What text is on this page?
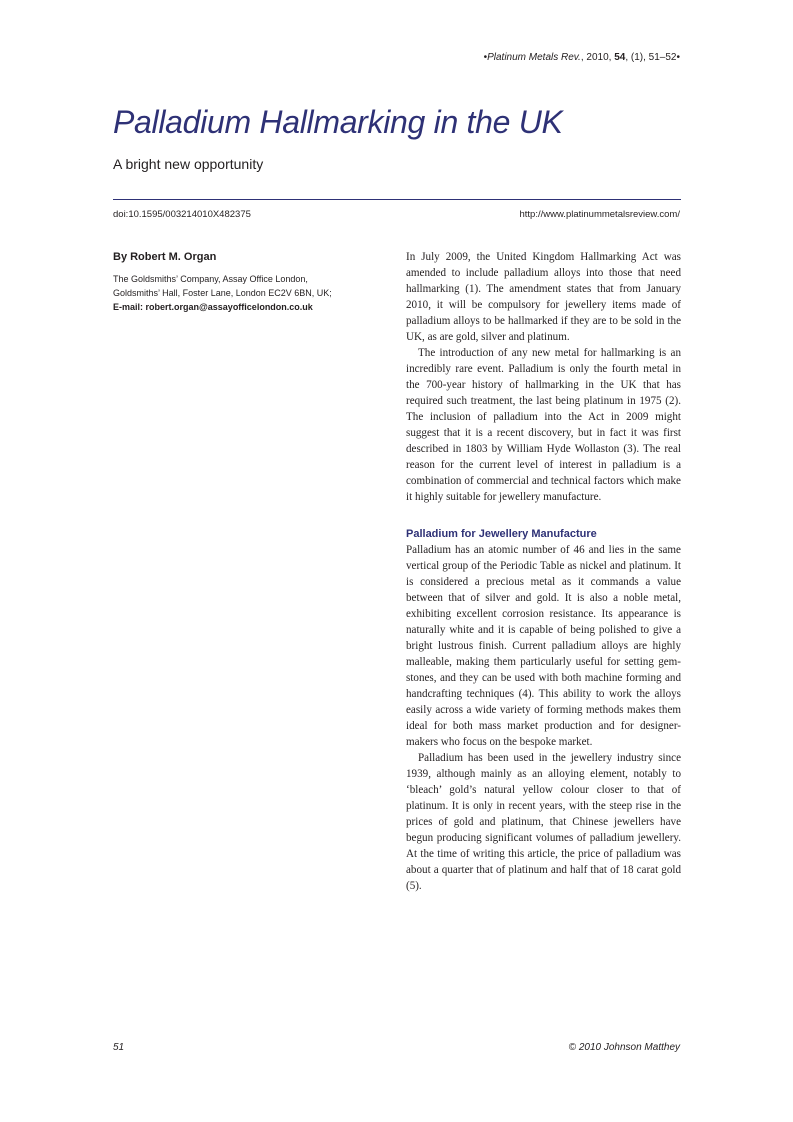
•Platinum Metals Rev., 2010, 54, (1), 51–52•
Palladium Hallmarking in the UK
A bright new opportunity
doi:10.1595/003214010X482375	http://www.platinummetalsreview.com/
By Robert M. Organ
The Goldsmiths’ Company, Assay Office London,
Goldsmiths’ Hall, Foster Lane, London EC2V 6BN, UK;
E-mail: robert.organ@assayofficelondon.co.uk

In July 2009, the United Kingdom Hallmarking Act was amended to include palladium alloys into those that need hallmarking (1). The amendment states that from January 2010, it will be compulsory for jewellery items made of palladium alloys to be hallmarked if they are to be sold in the UK, as are gold, silver and platinum.

The introduction of any new metal for hallmarking is an incredibly rare event. Palladium is only the fourth metal in the 700-year history of hallmarking in the UK that has required such treatment, the last being platinum in 1975 (2). The inclusion of palladium into the Act in 2009 might suggest that it is a recent discovery, but in fact it was first described in 1803 by William Hyde Wollaston (3). The real reason for the current level of interest in palladium is a combination of commercial and technical factors which make it highly suitable for jewellery manufacture.

Palladium for Jewellery Manufacture

Palladium has an atomic number of 46 and lies in the same vertical group of the Periodic Table as nickel and platinum. It is considered a precious metal as it commands a value between that of silver and gold. It is also a noble metal, exhibiting excellent corrosion resistance. Its appearance is naturally white and it is capable of being polished to give a bright lustrous finish. Current palladium alloys are highly malleable, making them particularly useful for setting gemstones, and they can be used with both machine forming and handcrafting techniques (4). This ability to work the alloys easily across a wide variety of forming methods makes them ideal for both mass market production and for designer-makers who focus on the bespoke market.

Palladium has been used in the jewellery industry since 1939, although mainly as an alloying element, notably to ‘bleach’ gold’s natural yellow colour closer to that of platinum. It is only in recent years, with the steep rise in the prices of gold and platinum, that Chinese jewellers have begun producing significant volumes of palladium jewellery. At the time of writing this article, the price of palladium was about a quarter that of platinum and half that of 18 carat gold (5).

51	© 2010 Johnson Matthey
